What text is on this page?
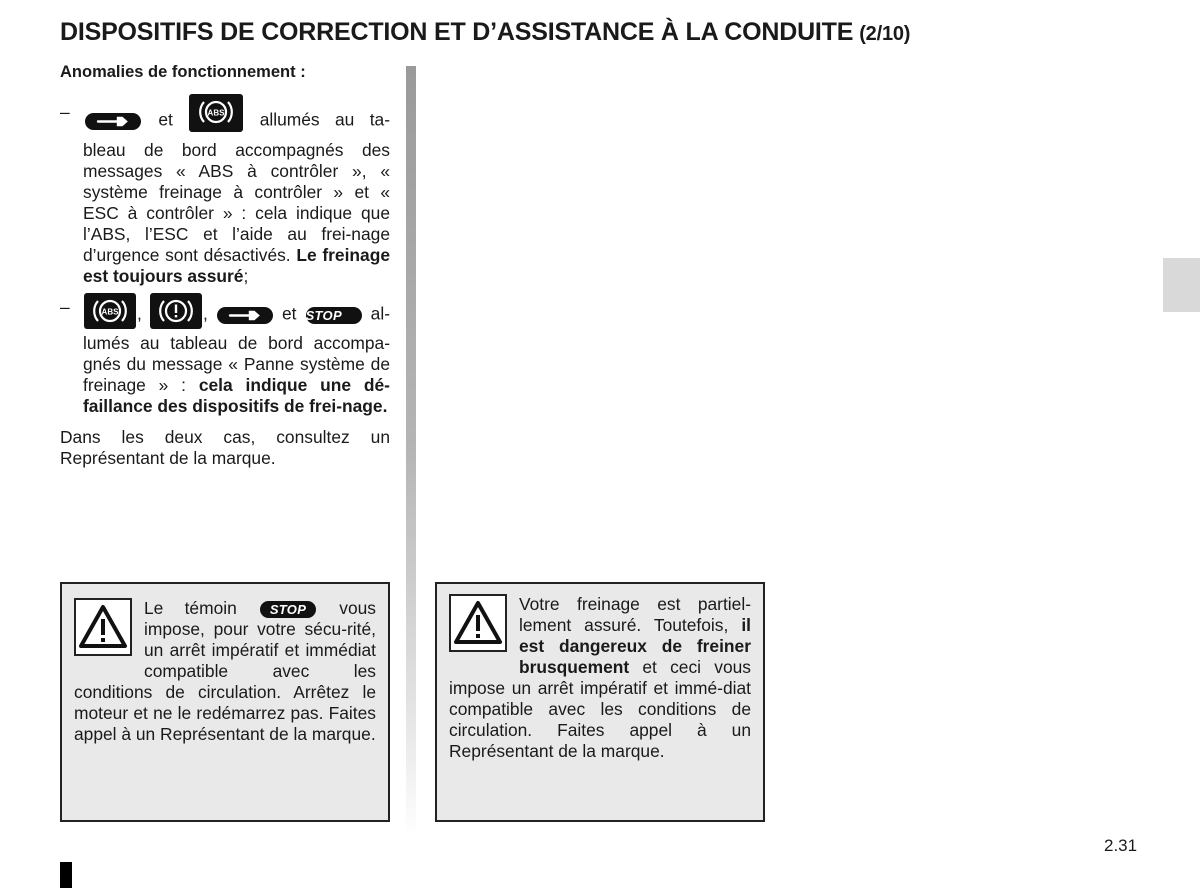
DISPOSITIFS DE CORRECTION ET D’ASSISTANCE À LA CONDUITE (2/10)
Anomalies de fonctionnement :
–	et	ABS allumés au ta-
bleau de bord accompagnés des messages « ABS à contrôler », « système freinage à contrôler » et « ESC à contrôler » : cela indique que l’ABS, l’ESC et l’aide au frei-nage d’urgence sont désactivés. Le freinage est toujours assuré;
–	ABS ,	,	et STOP al-
lumés au tableau de bord accompa-gnés du message « Panne système de freinage » : cela indique une dé-faillance des dispositifs de frei-nage.
Dans les deux cas, consultez un Représentant de la marque.
Le témoin	STOP vous impose, pour votre sécu-rité, un arrêt impératif et immédiat compatible avec les conditions de circulation. Arrêtez le moteur et ne le redémarrez pas. Faites appel à un Représentant de la marque.
Votre freinage est partiel-lement assuré. Toutefois, il est dangereux de freiner brusquement et ceci vous impose un arrêt impératif et immé-diat compatible avec les conditions de circulation. Faites appel à un Représentant de la marque.
2.31
